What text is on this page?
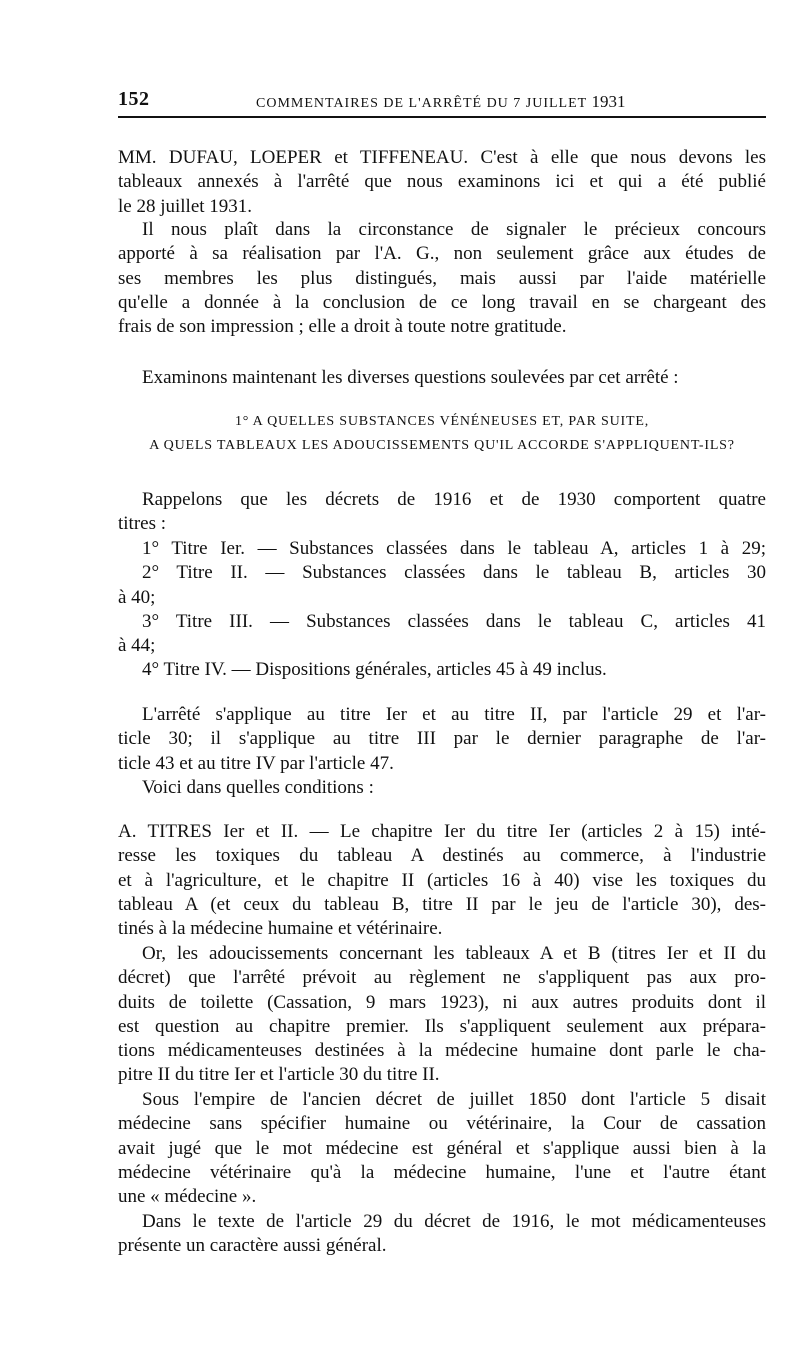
152	COMMENTAIRES DE L'ARRÊTÉ DU 7 JUILLET 1931
MM. DUFAU, LOEPER et TIFFENEAU. C'est à elle que nous devons les
tableaux annexés à l'arrêté que nous examinons ici et qui a été publié
le 28 juillet 1931.
Il nous plaît dans la circonstance de signaler le précieux concours
apporté à sa réalisation par l'A. G., non seulement grâce aux études de
ses membres les plus distingués, mais aussi par l'aide matérielle
qu'elle a donnée à la conclusion de ce long travail en se chargeant des
frais de son impression ; elle a droit à toute notre gratitude.
Examinons maintenant les diverses questions soulevées par cet arrêté :
1° A QUELLES SUBSTANCES VÉNÉNEUSES ET, PAR SUITE,
A QUELS TABLEAUX LES ADOUCISSEMENTS QU'IL ACCORDE S'APPLIQUENT-ILS?
Rappelons que les décrets de 1916 et de 1930 comportent quatre
titres :
1° Titre Ier. — Substances classées dans le tableau A, articles 1 à 29;
2° Titre II. — Substances classées dans le tableau B, articles 30
à 40;
3° Titre III. — Substances classées dans le tableau C, articles 41
à 44;
4° Titre IV. — Dispositions générales, articles 45 à 49 inclus.
L'arrêté s'applique au titre Ier et au titre II, par l'article 29 et l'ar-
ticle 30; il s'applique au titre III par le dernier paragraphe de l'ar-
ticle 43 et au titre IV par l'article 47.
Voici dans quelles conditions :
A. TITRES Ier et II. — Le chapitre Ier du titre Ier (articles 2 à 15) inté-
resse les toxiques du tableau A destinés au commerce, à l'industrie
et à l'agriculture, et le chapitre II (articles 16 à 40) vise les toxiques du
tableau A (et ceux du tableau B, titre II par le jeu de l'article 30), des-
tinés à la médecine humaine et vétérinaire.
Or, les adoucissements concernant les tableaux A et B (titres Ier et II du
décret) que l'arrêté prévoit au règlement ne s'appliquent pas aux pro-
duits de toilette (Cassation, 9 mars 1923), ni aux autres produits dont il
est question au chapitre premier. Ils s'appliquent seulement aux prépara-
tions médicamenteuses destinées à la médecine humaine dont parle le cha-
pitre II du titre Ier et l'article 30 du titre II.
Sous l'empire de l'ancien décret de juillet 1850 dont l'article 5 disait
médecine sans spécifier humaine ou vétérinaire, la Cour de cassation
avait jugé que le mot médecine est général et s'applique aussi bien à la
médecine vétérinaire qu'à la médecine humaine, l'une et l'autre étant
une « médecine ».
Dans le texte de l'article 29 du décret de 1916, le mot médicamenteuses
présente un caractère aussi général.
